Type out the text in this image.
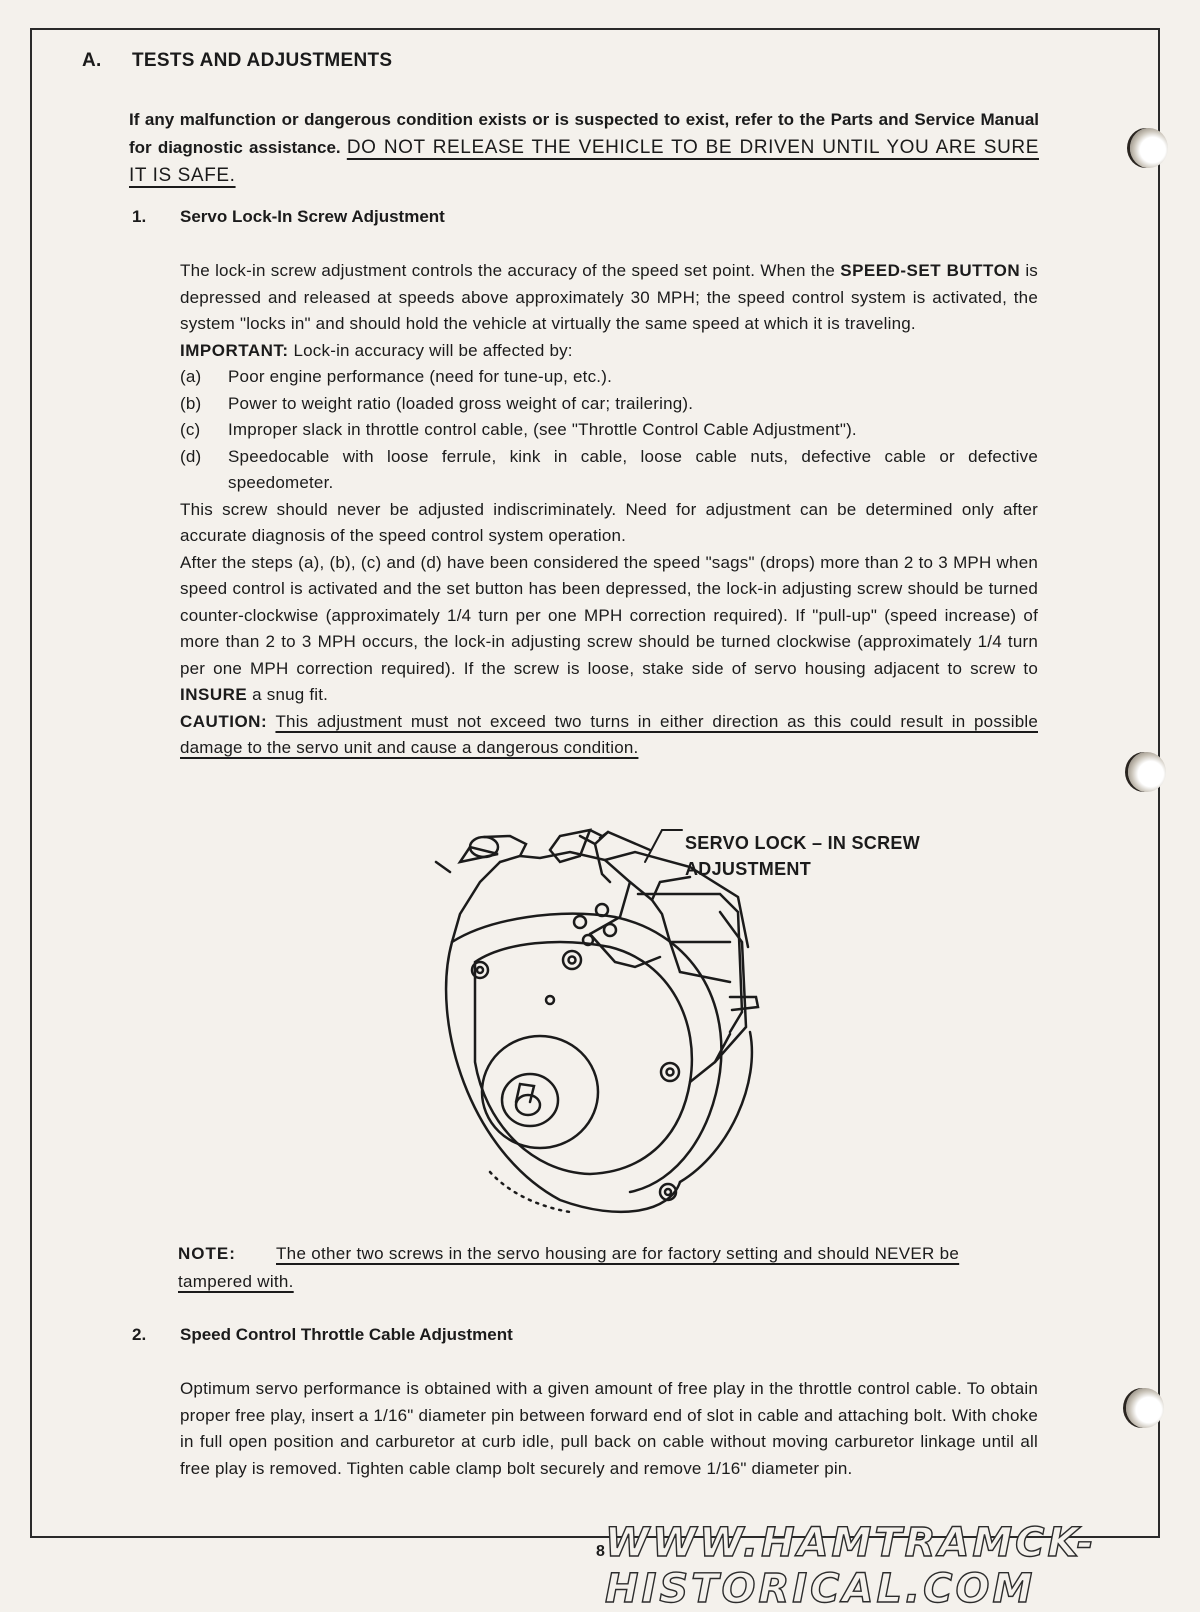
A. TESTS AND ADJUSTMENTS
If any malfunction or dangerous condition exists or is suspected to exist, refer to the Parts and Service Manual for diagnostic assistance. DO NOT RELEASE THE VEHICLE TO BE DRIVEN UNTIL YOU ARE SURE IT IS SAFE.
1. Servo Lock-In Screw Adjustment

The lock-in screw adjustment controls the accuracy of the speed set point. When the SPEED-SET BUTTON is depressed and released at speeds above approximately 30 MPH; the speed control system is activated, the system "locks in" and should hold the vehicle at virtually the same speed at which it is traveling.

IMPORTANT: Lock-in accuracy will be affected by:

(a)	Poor engine performance (need for tune-up, etc.).
(b)	Power to weight ratio (loaded gross weight of car; trailering).
(c)	Improper slack in throttle control cable, (see "Throttle Control Cable Adjustment").
(d)	Speedocable with loose ferrule, kink in cable, loose cable nuts, defective cable or defective speedometer.

This screw should never be adjusted indiscriminately. Need for adjustment can be determined only after accurate diagnosis of the speed control system operation.

After the steps (a), (b), (c) and (d) have been considered the speed "sags" (drops) more than 2 to 3 MPH when speed control is activated and the set button has been depressed, the lock-in adjusting screw should be turned counter-clockwise (approximately 1/4 turn per one MPH correction required). If "pull-up" (speed increase) of more than 2 to 3 MPH occurs, the lock-in adjusting screw should be turned clockwise (approximately 1/4 turn per one MPH correction required). If the screw is loose, stake side of servo housing adjacent to screw to INSURE a snug fit.

CAUTION: This adjustment must not exceed two turns in either direction as this could result in possible damage to the servo unit and cause a dangerous condition.

SERVO LOCK – IN SCREW
ADJUSTMENT
NOTE: The other two screws in the servo housing are for factory setting and should NEVER be tampered with.
2. Speed Control Throttle Cable Adjustment

Optimum servo performance is obtained with a given amount of free play in the throttle control cable. To obtain proper free play, insert a 1/16" diameter pin between forward end of slot in cable and attaching bolt. With choke in full open position and carburetor at curb idle, pull back on cable without moving carburetor linkage until all free play is removed. Tighten cable clamp bolt securely and remove 1/16" diameter pin.

8 WWW.HAMTRAMCK-HISTORICAL.COM
